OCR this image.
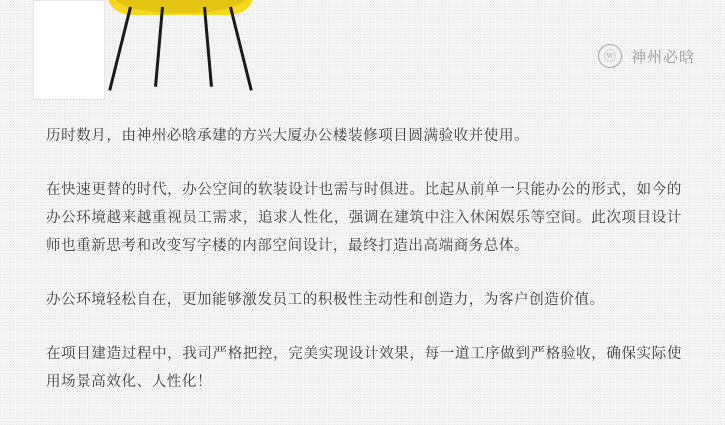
ⓦ	神州必晗

历时数月，由神州必晗承建的方兴大厦办公楼装修项目圆满验收并使用。

在快速更替的时代，办公空间的软装设计也需与时俱进。比起从前单一只能办公的形式，如今的办公环境越来越重视员工需求，追求人性化，强调在建筑中注入休闲娱乐等空间。此次项目设计师也重新思考和改变写字楼的内部空间设计，最终打造出高端商务总体。

办公环境轻松自在，更加能够激发员工的积极性主动性和创造力，为客户创造价值。

在项目建造过程中，我司严格把控，完美实现设计效果，每一道工序做到严格验收，确保实际使用场景高效化、人性化！
